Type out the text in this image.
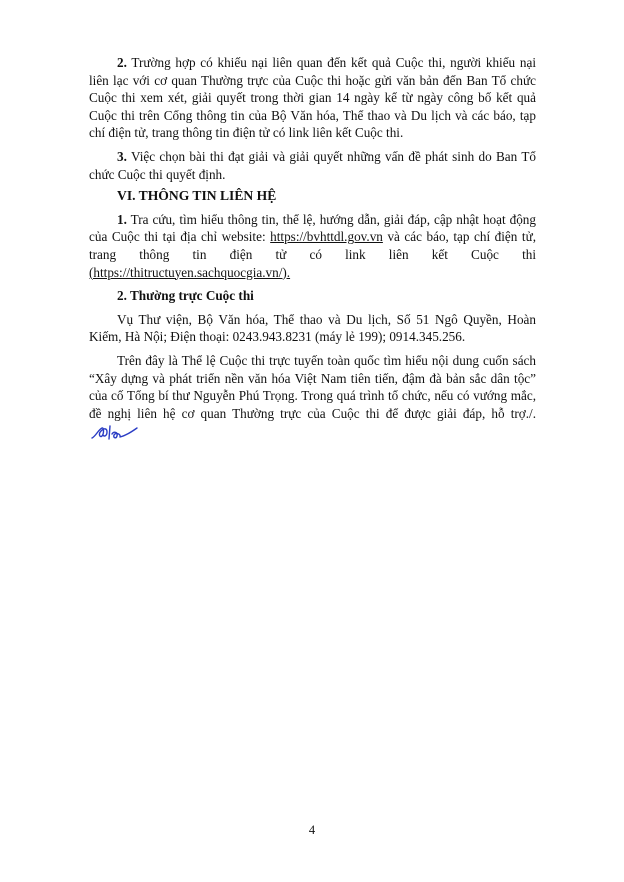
2. Trường hợp có khiếu nại liên quan đến kết quả Cuộc thi, người khiếu nại liên lạc với cơ quan Thường trực của Cuộc thi hoặc gửi văn bản đến Ban Tổ chức Cuộc thi xem xét, giải quyết trong thời gian 14 ngày kể từ ngày công bố kết quả Cuộc thi trên Cổng thông tin của Bộ Văn hóa, Thể thao và Du lịch và các báo, tạp chí điện tử, trang thông tin điện tử có link liên kết Cuộc thi.

3. Việc chọn bài thi đạt giải và giải quyết những vấn đề phát sinh do Ban Tổ chức Cuộc thi quyết định.

VI. THÔNG TIN LIÊN HỆ

1. Tra cứu, tìm hiểu thông tin, thể lệ, hướng dẫn, giải đáp, cập nhật hoạt động của Cuộc thi tại địa chỉ website: https://bvhttdl.gov.vn và các báo, tạp chí điện tử, trang thông tin điện tử có link liên kết Cuộc thi (https://thitructuyen.sachquocgia.vn/).

2. Thường trực Cuộc thi

Vụ Thư viện, Bộ Văn hóa, Thể thao và Du lịch, Số 51 Ngô Quyền, Hoàn Kiếm, Hà Nội; Điện thoại: 0243.943.8231 (máy lẻ 199); 0914.345.256.

Trên đây là Thể lệ Cuộc thi trực tuyến toàn quốc tìm hiểu nội dung cuốn sách “Xây dựng và phát triển nền văn hóa Việt Nam tiên tiến, đậm đà bản sắc dân tộc” của cố Tổng bí thư Nguyễn Phú Trọng. Trong quá trình tổ chức, nếu có vướng mắc, đề nghị liên hệ cơ quan Thường trực của Cuộc thi để được giải đáp, hỗ trợ./.

4
